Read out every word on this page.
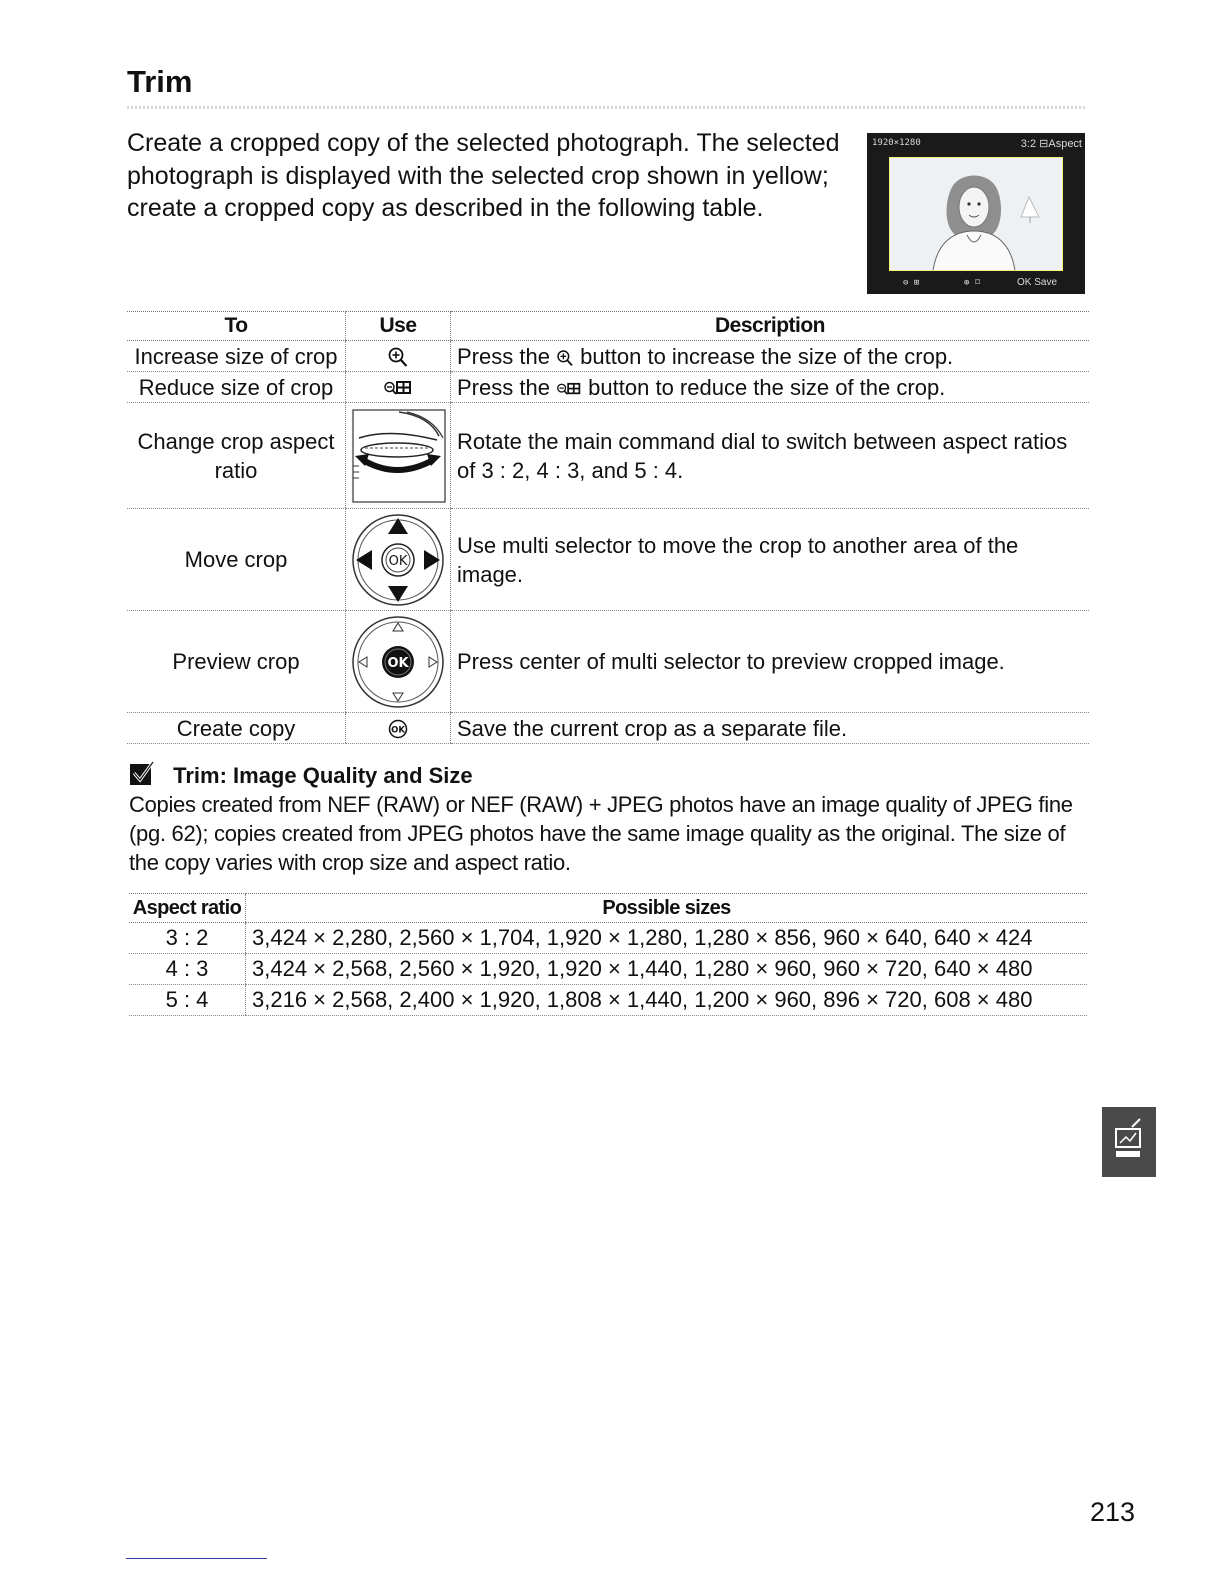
Trim
Create a cropped copy of the selected photograph. The selected photograph is displayed with the selected crop shown in yellow; create a cropped copy as described in the following table.
1920×1280	3:2 ⊟Aspect
⊖ ⊞	⊕ ⌑	OK Save
To	Use	Description
Increase size of crop		Press the  button to increase the size of the crop.
Reduce size of crop		Press the  button to reduce the size of the crop.
Change crop aspect ratio		Rotate the main command dial to switch between aspect ratios of 3 : 2, 4 : 3, and 5 : 4.
Move crop	OK	Use multi selector to move the crop to another area of the image.
Preview crop	OK	Press center of multi selector to preview cropped image.
Create copy	OK	Save the current crop as a separate file.
Trim: Image Quality and Size
Copies created from NEF (RAW) or NEF (RAW) + JPEG photos have an image quality of JPEG fine (pg. 62); copies created from JPEG photos have the same image quality as the original. The size of the copy varies with crop size and aspect ratio.
Aspect ratio	Possible sizes
3 : 2	3,424 × 2,280, 2,560 × 1,704, 1,920 × 1,280, 1,280 × 856, 960 × 640, 640 × 424
4 : 3	3,424 × 2,568, 2,560 × 1,920, 1,920 × 1,440, 1,280 × 960, 960 × 720, 640 × 480
5 : 4	3,216 × 2,568, 2,400 × 1,920, 1,808 × 1,440, 1,200 × 960, 896 × 720, 608 × 480
213
